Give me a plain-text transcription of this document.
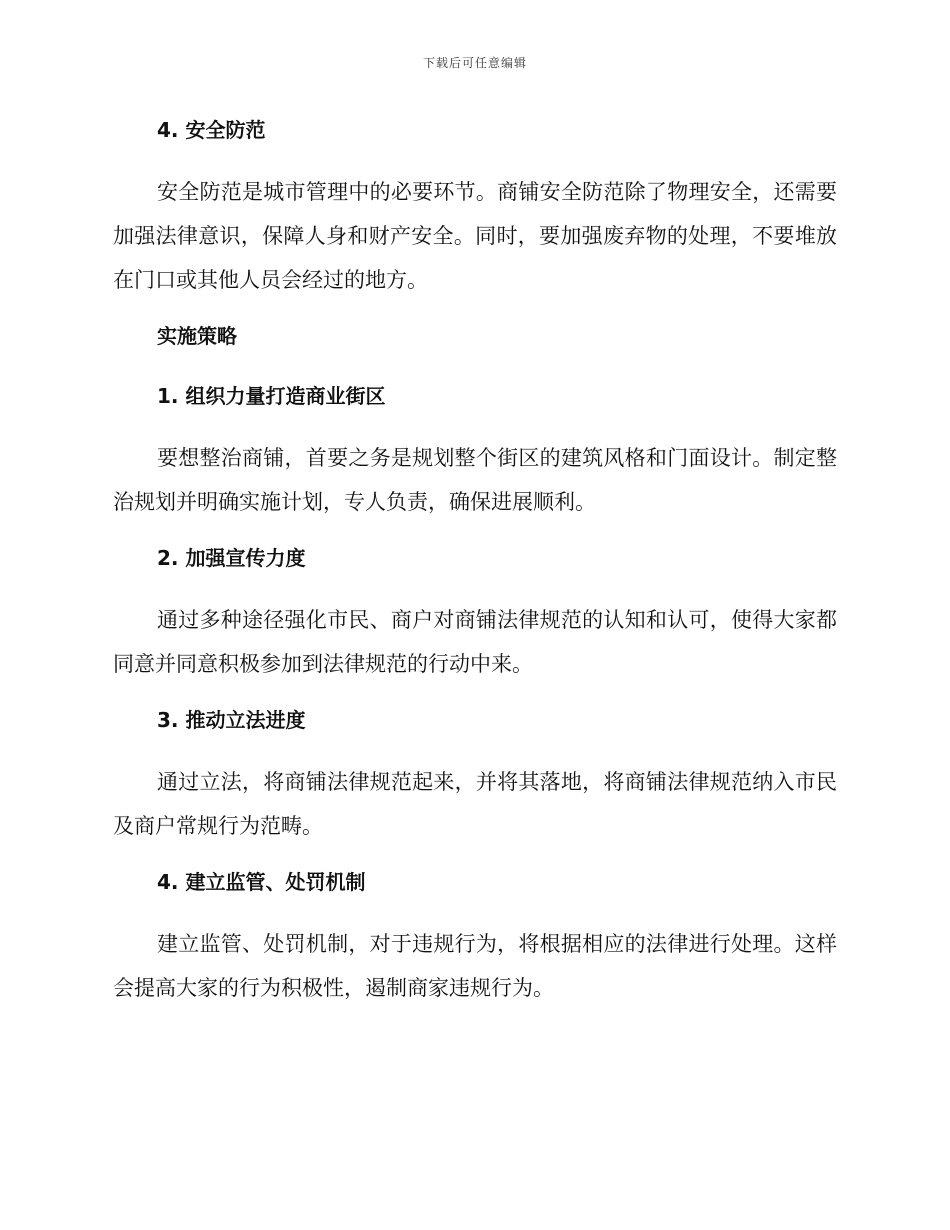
下载后可任意编辑
4. 安全防范

安全防范是城市管理中的必要环节。商铺安全防范除了物理安全，还需要加强法律意识，保障人身和财产安全。同时，要加强废弃物的处理，不要堆放在门口或其他人员会经过的地方。

实施策略
1. 组织力量打造商业街区

要想整治商铺，首要之务是规划整个街区的建筑风格和门面设计。制定整治规划并明确实施计划，专人负责，确保进展顺利。

2. 加强宣传力度

通过多种途径强化市民、商户对商铺法律规范的认知和认可，使得大家都同意并同意积极参加到法律规范的行动中来。

3. 推动立法进度

通过立法，将商铺法律规范起来，并将其落地，将商铺法律规范纳入市民及商户常规行为范畴。

4. 建立监管、处罚机制

建立监管、处罚机制，对于违规行为，将根据相应的法律进行处理。这样会提高大家的行为积极性，遏制商家违规行为。
